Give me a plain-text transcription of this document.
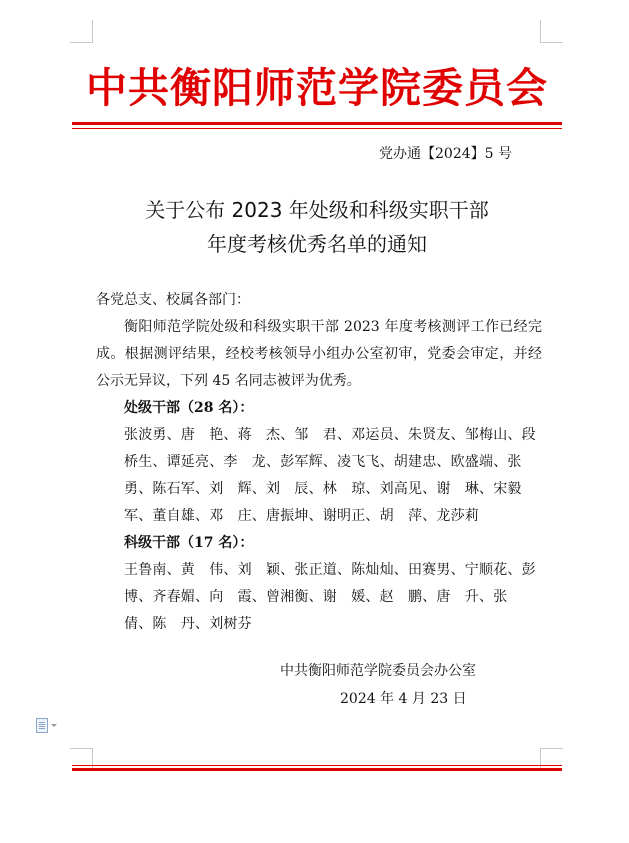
中共衡阳师范学院委员会
党办通【2024】5 号
关于公布 2023 年处级和科级实职干部
年度考核优秀名单的通知
各党总支、校属各部门：
衡阳师范学院处级和科级实职干部 2023 年度考核测评工作已经完成。根据测评结果，经校考核领导小组办公室初审，党委会审定，并经公示无异议，下列 45 名同志被评为优秀。
处级干部（28 名）：
张波勇、唐　艳、蒋　杰、邹　君、邓运员、朱贤友、邹梅山、段桥生、谭延亮、李　龙、彭军辉、凌飞飞、胡建忠、欧盛端、张　勇、陈石军、刘　辉、刘　辰、林　琼、刘高见、谢　琳、宋毅军、董自雄、邓　庄、唐振坤、谢明正、胡　萍、龙莎莉
科级干部（17 名）：
王鲁南、黄　伟、刘　颖、张正道、陈灿灿、田赛男、宁顺花、彭　博、齐春媚、向　霞、曾湘衡、谢　媛、赵　鹏、唐　升、张　倩、陈　丹、刘树芬
中共衡阳师范学院委员会办公室
2024 年 4 月 23 日
